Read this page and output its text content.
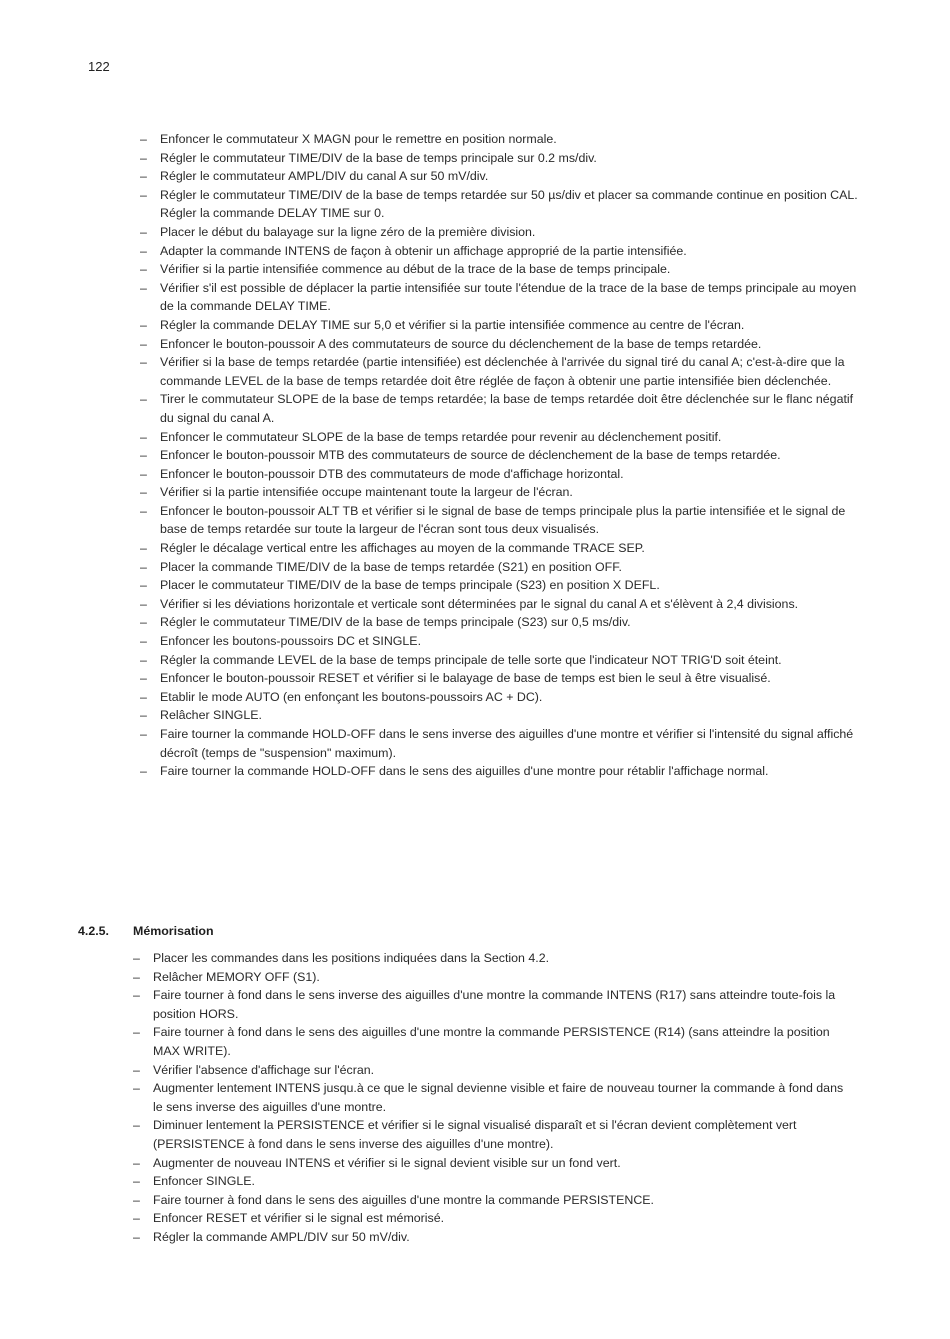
122
– Enfoncer le commutateur X MAGN pour le remettre en position normale.
– Régler le commutateur TIME/DIV de la base de temps principale sur 0.2 ms/div.
– Régler le commutateur AMPL/DIV du canal A sur 50 mV/div.
– Régler le commutateur TIME/DIV de la base de temps retardée sur 50 µs/div et placer sa commande continue en position CAL. Régler la commande DELAY TIME sur 0.
– Placer le début du balayage sur la ligne zéro de la première division.
– Adapter la commande INTENS de façon à obtenir un affichage approprié de la partie intensifiée.
– Vérifier si la partie intensifiée commence au début de la trace de la base de temps principale.
– Vérifier s'il est possible de déplacer la partie intensifiée sur toute l'étendue de la trace de la base de temps principale au moyen de la commande DELAY TIME.
– Régler la commande DELAY TIME sur 5,0 et vérifier si la partie intensifiée commence au centre de l'écran.
– Enfoncer le bouton-poussoir A des commutateurs de source du déclenchement de la base de temps retardée.
– Vérifier si la base de temps retardée (partie intensifiée) est déclenchée à l'arrivée du signal tiré du canal A; c'est-à-dire que la commande LEVEL de la base de temps retardée doit être réglée de façon à obtenir une partie intensifiée bien déclenchée.
– Tirer le commutateur SLOPE de la base de temps retardée; la base de temps retardée doit être déclenchée sur le flanc négatif du signal du canal A.
– Enfoncer le commutateur SLOPE de la base de temps retardée pour revenir au déclenchement positif.
– Enfoncer le bouton-poussoir MTB des commutateurs de source de déclenchement de la base de temps retardée.
– Enfoncer le bouton-poussoir DTB des commutateurs de mode d'affichage horizontal.
– Vérifier si la partie intensifiée occupe maintenant toute la largeur de l'écran.
– Enfoncer le bouton-poussoir ALT TB et vérifier si le signal de base de temps principale plus la partie intensifiée et le signal de base de temps retardée sur toute la largeur de l'écran sont tous deux visualisés.
– Régler le décalage vertical entre les affichages au moyen de la commande TRACE SEP.
– Placer la commande TIME/DIV de la base de temps retardée (S21) en position OFF.
– Placer le commutateur TIME/DIV de la base de temps principale (S23) en position X DEFL.
– Vérifier si les déviations horizontale et verticale sont déterminées par le signal du canal A et s'élèvent à 2,4 divisions.
– Régler le commutateur TIME/DIV de la base de temps principale (S23) sur 0,5 ms/div.
– Enfoncer les boutons-poussoirs DC et SINGLE.
– Régler la commande LEVEL de la base de temps principale de telle sorte que l'indicateur NOT TRIG'D soit éteint.
– Enfoncer le bouton-poussoir RESET et vérifier si le balayage de base de temps est bien le seul à être visualisé.
– Etablir le mode AUTO (en enfonçant les boutons-poussoirs AC + DC).
– Relâcher SINGLE.
– Faire tourner la commande HOLD-OFF dans le sens inverse des aiguilles d'une montre et vérifier si l'intensité du signal affiché décroît (temps de "suspension" maximum).
– Faire tourner la commande HOLD-OFF dans le sens des aiguilles d'une montre pour rétablir l'affichage normal.
4.2.5. Mémorisation
– Placer les commandes dans les positions indiquées dans la Section 4.2.
– Relâcher MEMORY OFF (S1).
– Faire tourner à fond dans le sens inverse des aiguilles d'une montre la commande INTENS (R17) sans atteindre toute-fois la position HORS.
– Faire tourner à fond dans le sens des aiguilles d'une montre la commande PERSISTENCE (R14) (sans atteindre la position MAX WRITE).
– Vérifier l'absence d'affichage sur l'écran.
– Augmenter lentement INTENS jusqu.à ce que le signal devienne visible et faire de nouveau tourner la commande à fond dans le sens inverse des aiguilles d'une montre.
– Diminuer lentement la PERSISTENCE et vérifier si le signal visualisé disparaît et si l'écran devient complètement vert (PERSISTENCE à fond dans le sens inverse des aiguilles d'une montre).
– Augmenter de nouveau INTENS et vérifier si le signal devient visible sur un fond vert.
– Enfoncer SINGLE.
– Faire tourner à fond dans le sens des aiguilles d'une montre la commande PERSISTENCE.
– Enfoncer RESET et vérifier si le signal est mémorisé.
– Régler la commande AMPL/DIV sur 50 mV/div.
